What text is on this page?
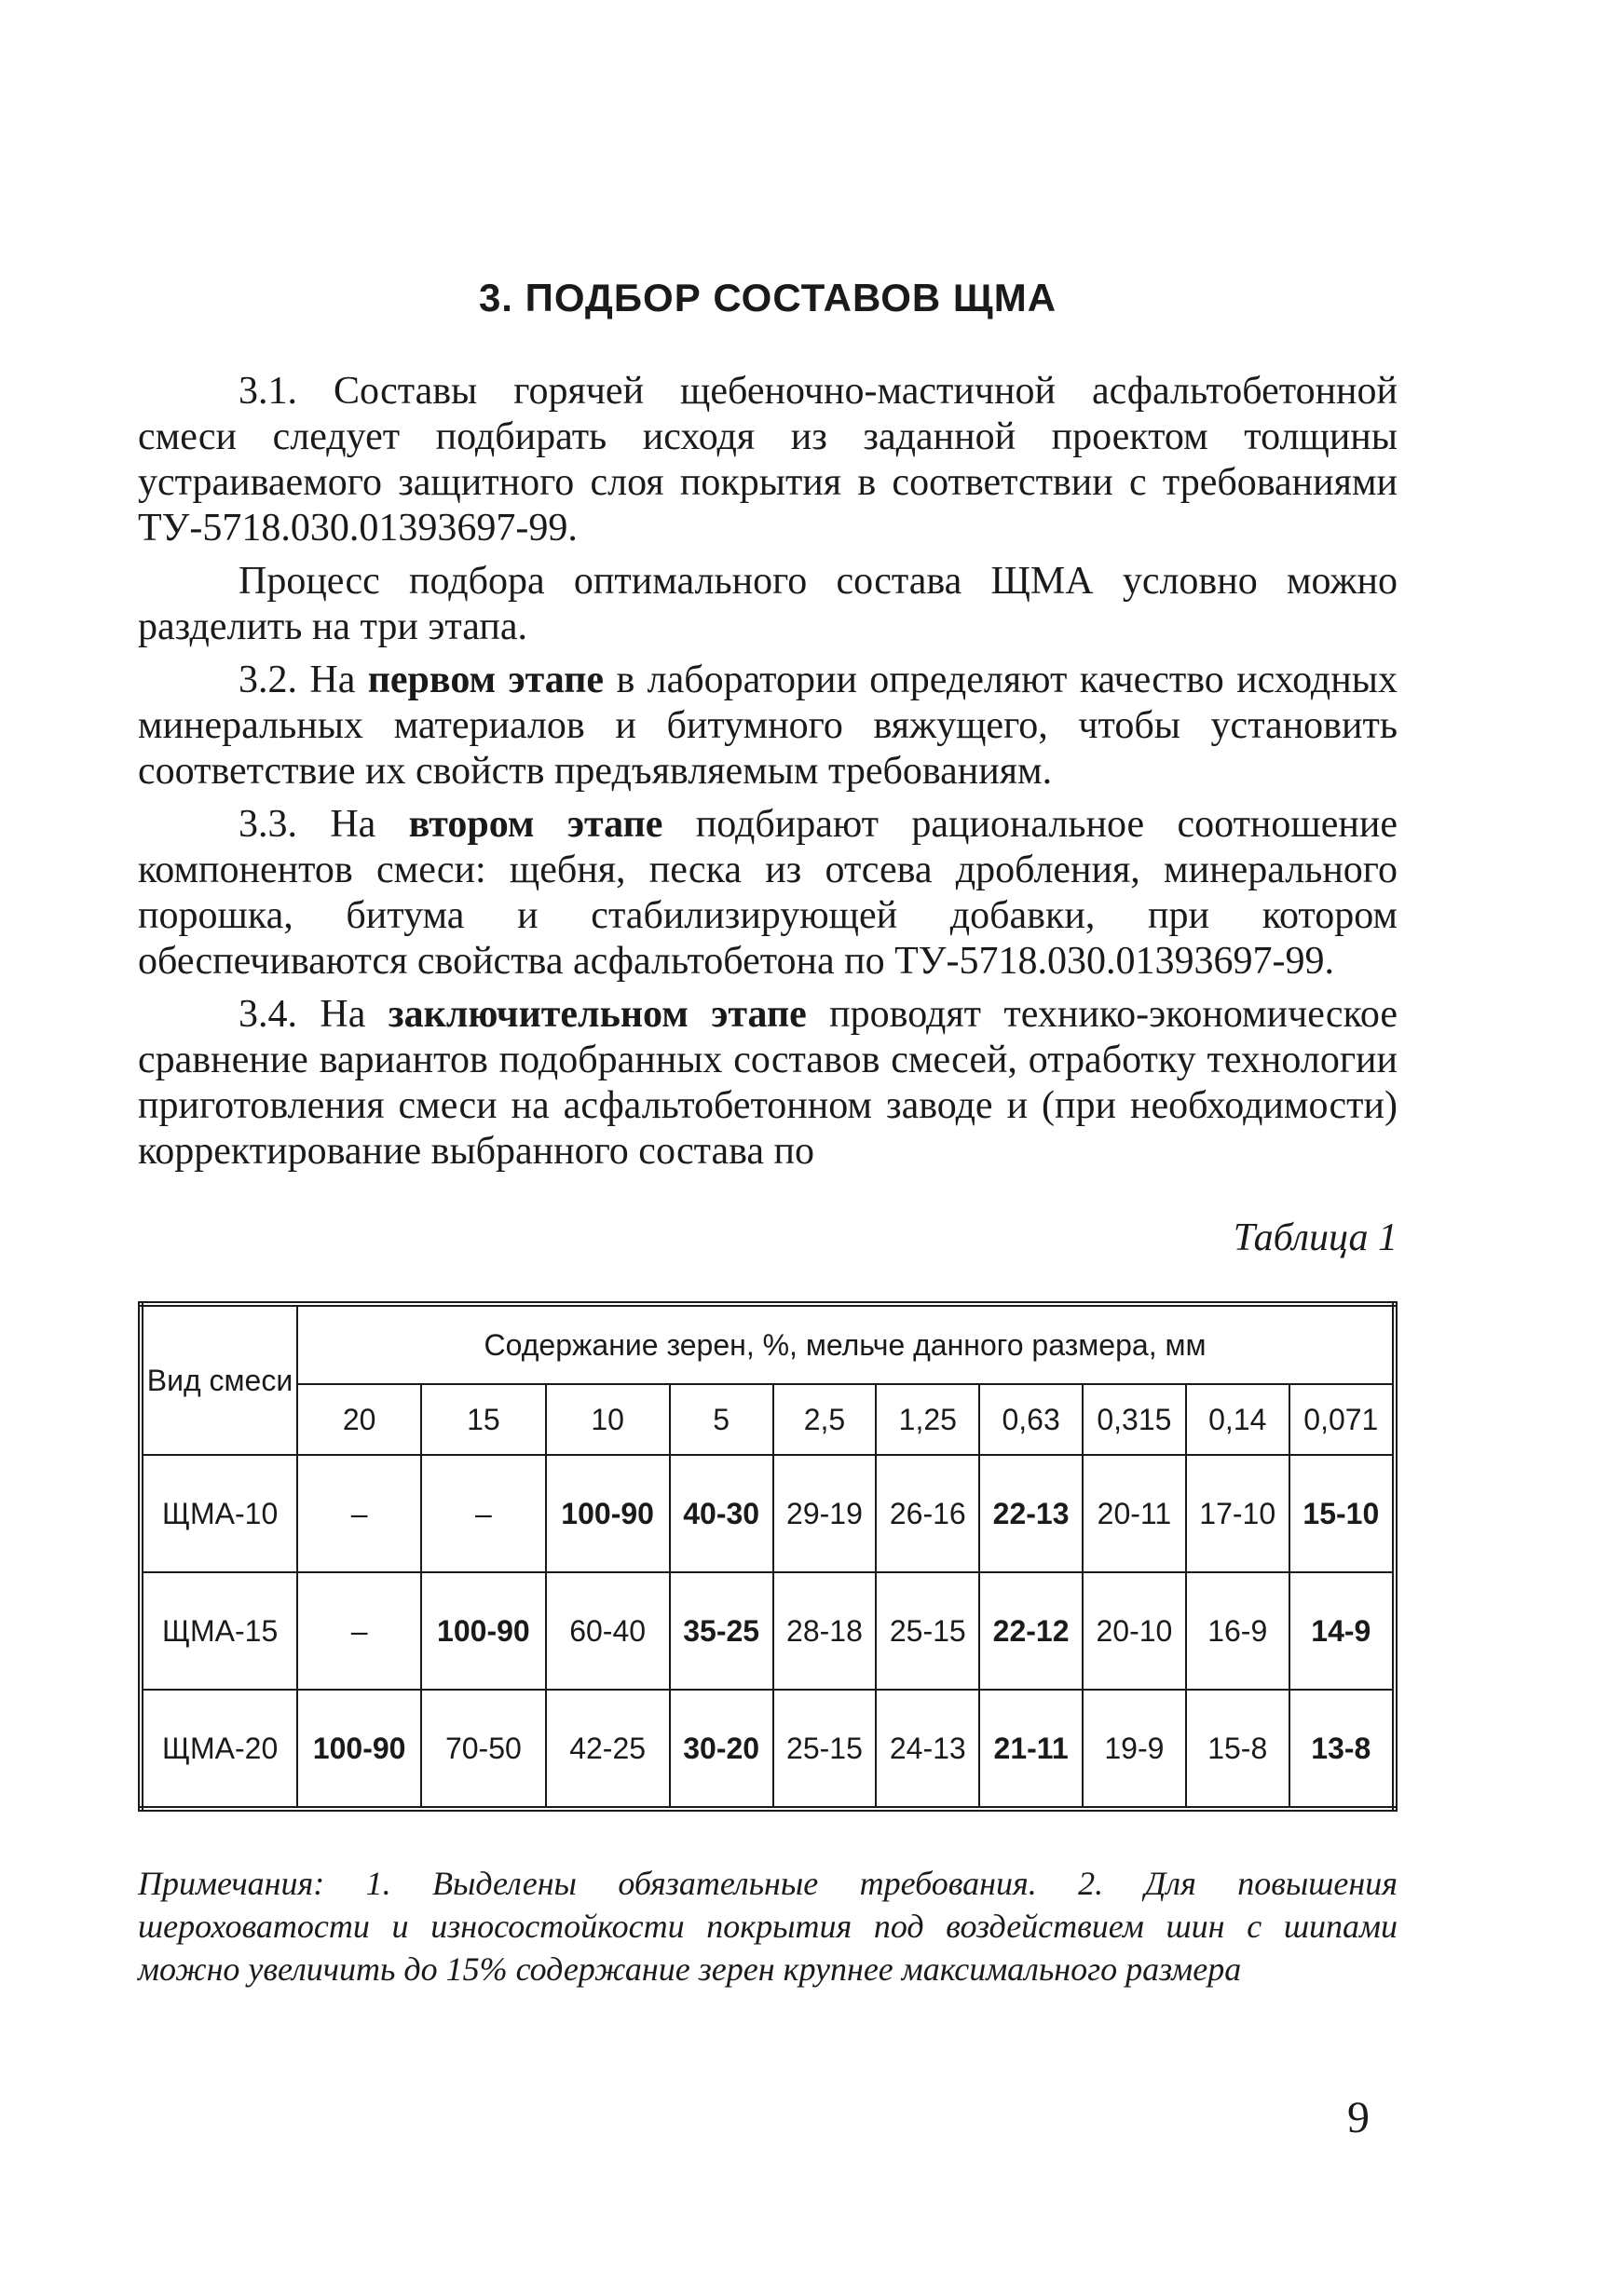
3. ПОДБОР СОСТАВОВ ЩМА

3.1. Составы горячей щебеночно-мастичной асфальтобетонной смеси следует подбирать исходя из заданной проектом толщины устраиваемого защитного слоя покрытия в соответствии с требованиями ТУ-5718.030.01393697-99.

Процесс подбора оптимального состава ЩМА условно можно разделить на три этапа.

3.2. На первом этапе в лаборатории определяют качество исходных минеральных материалов и битумного вяжущего, чтобы установить соответствие их свойств предъявляемым требованиям.

3.3. На втором этапе подбирают рациональное соотношение компонентов смеси: щебня, песка из отсева дробления, минерального порошка, битума и стабилизирующей добавки, при котором обеспечиваются свойства асфальтобетона по ТУ-5718.030.01393697-99.

3.4. На заключительном этапе проводят технико-экономическое сравнение вариантов подобранных составов смесей, отработку технологии приготовления смеси на асфальтобетонном заводе и (при необходимости) корректирование выбранного состава по

Таблица 1
Вид смеси	Содержание зерен, %, мельче данного размера, мм									
	20	15	10	5	2,5	1,25	0,63	0,315	0,14	0,071
ЩМА-10	–	–	100-90	40-30	29-19	26-16	22-13	20-11	17-10	15-10
ЩМА-15	–	100-90	60-40	35-25	28-18	25-15	22-12	20-10	16-9	14-9
ЩМА-20	100-90	70-50	42-25	30-20	25-15	24-13	21-11	19-9	15-8	13-8
Примечания: 1. Выделены обязательные требования. 2. Для повышения шероховатости и износостойкости покрытия под воздействием шин с шипами можно увеличить до 15% содержание зерен крупнее максимального размера
9
